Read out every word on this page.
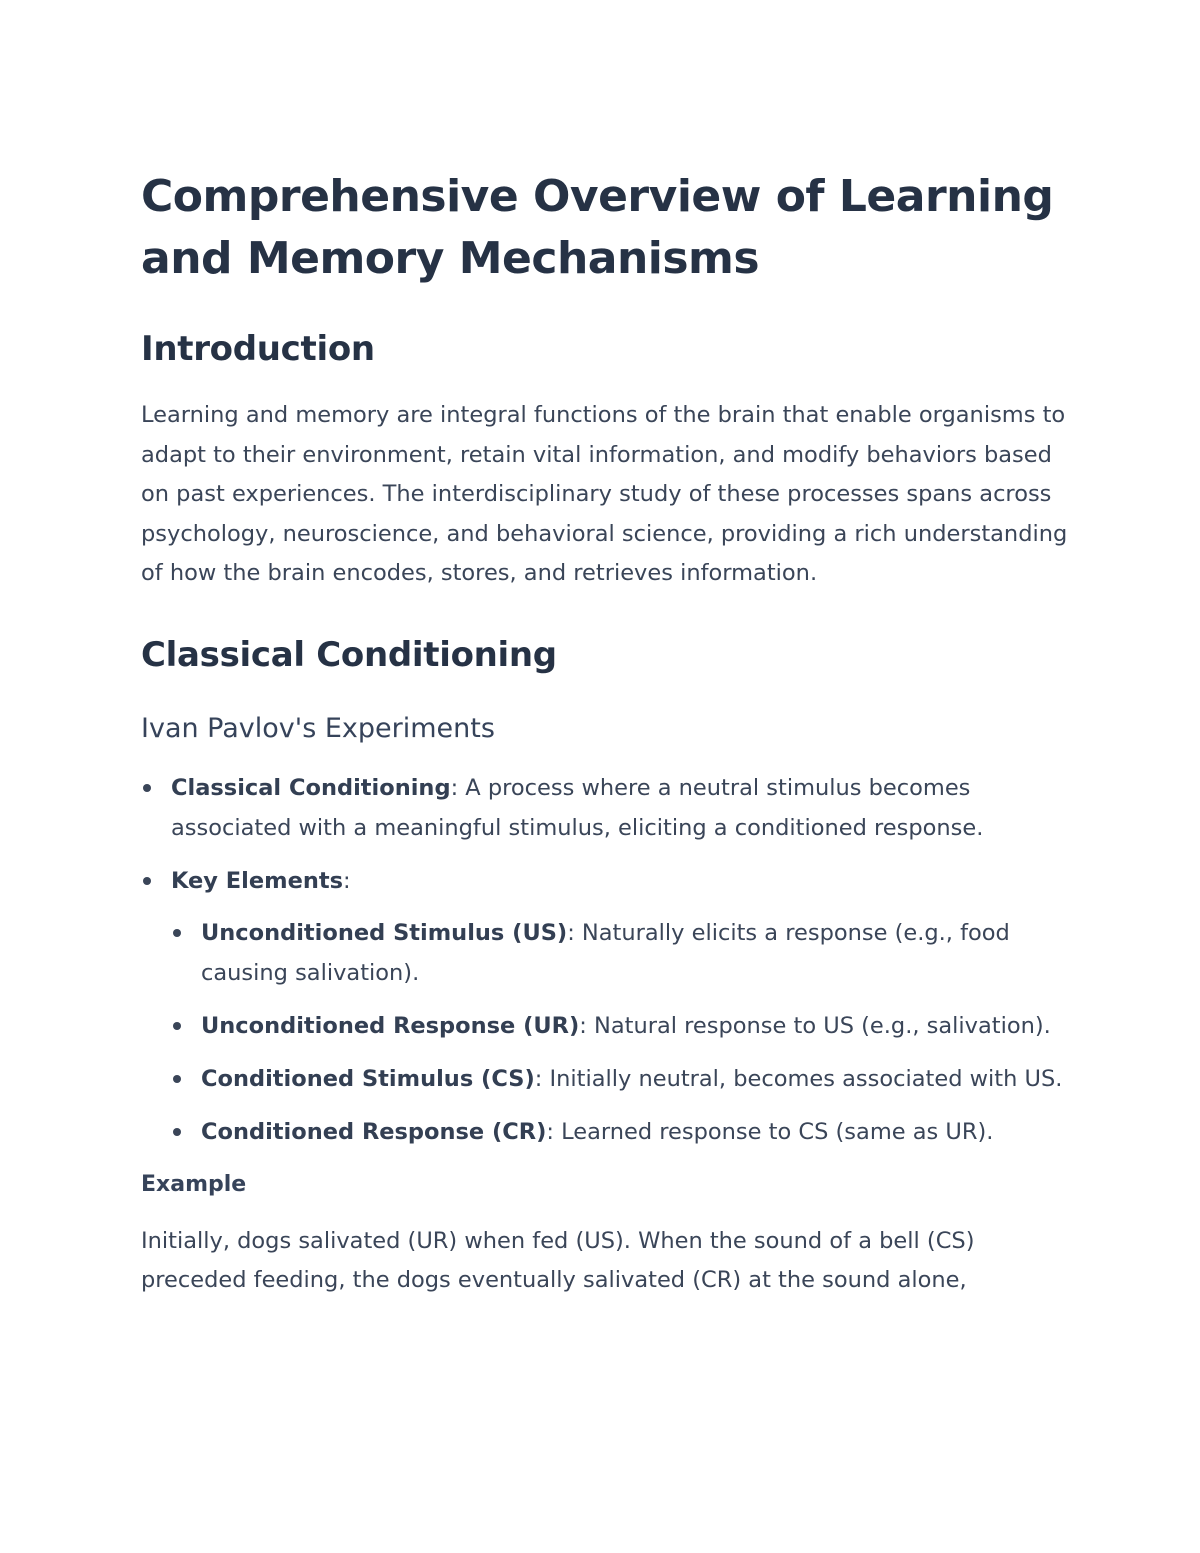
Comprehensive Overview of Learning and Memory Mechanisms
Introduction

Learning and memory are integral functions of the brain that enable organisms to adapt to their environment, retain vital information, and modify behaviors based on past experiences. The interdisciplinary study of these processes spans across psychology, neuroscience, and behavioral science, providing a rich understanding of how the brain encodes, stores, and retrieves information.

Classical Conditioning
Ivan Pavlov's Experiments
Classical Conditioning: A process where a neutral stimulus becomes associated with a meaningful stimulus, eliciting a conditioned response.
Key Elements:
Unconditioned Stimulus (US): Naturally elicits a response (e.g., food causing salivation).
Unconditioned Response (UR): Natural response to US (e.g., salivation).
Conditioned Stimulus (CS): Initially neutral, becomes associated with US.
Conditioned Response (CR): Learned response to CS (same as UR).
Example

Initially, dogs salivated (UR) when fed (US). When the sound of a bell (CS) preceded feeding, the dogs eventually salivated (CR) at the sound alone,
